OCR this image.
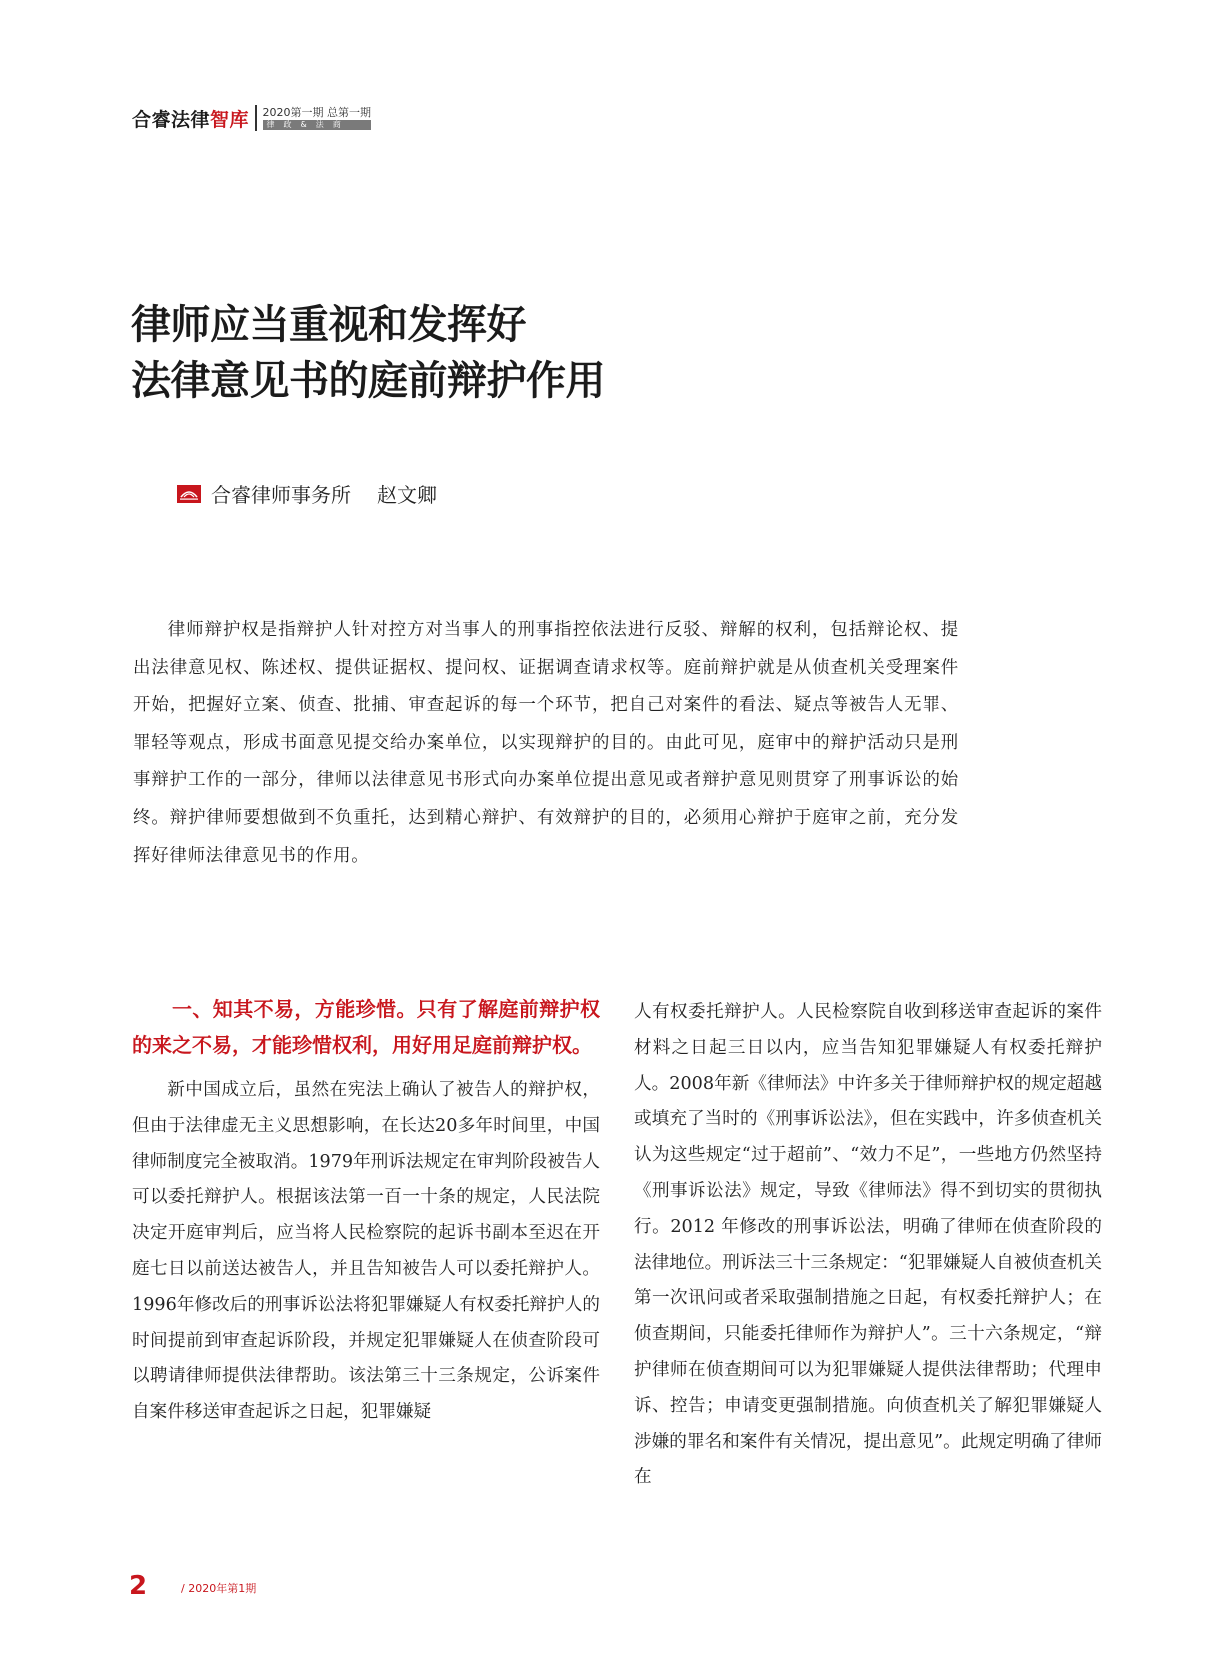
合睿法律智库 2020第一期 总第一期
律政&法商
律师应当重视和发挥好
法律意见书的庭前辩护作用
合睿律师事务所 赵文卿
律师辩护权是指辩护人针对控方对当事人的刑事指控依法进行反驳、辩解的权利，包括辩论权、提出法律意见权、陈述权、提供证据权、提问权、证据调查请求权等。庭前辩护就是从侦查机关受理案件开始，把握好立案、侦查、批捕、审查起诉的每一个环节，把自己对案件的看法、疑点等被告人无罪、罪轻等观点，形成书面意见提交给办案单位，以实现辩护的目的。由此可见，庭审中的辩护活动只是刑事辩护工作的一部分，律师以法律意见书形式向办案单位提出意见或者辩护意见则贯穿了刑事诉讼的始终。辩护律师要想做到不负重托，达到精心辩护、有效辩护的目的，必须用心辩护于庭审之前，充分发挥好律师法律意见书的作用。
一、知其不易，方能珍惜。只有了解庭前辩护权的来之不易，才能珍惜权利，用好用足庭前辩护权。
新中国成立后，虽然在宪法上确认了被告人的辩护权，但由于法律虚无主义思想影响，在长达20多年时间里，中国律师制度完全被取消。1979年刑诉法规定在审判阶段被告人可以委托辩护人。根据该法第一百一十条的规定，人民法院决定开庭审判后，应当将人民检察院的起诉书副本至迟在开庭七日以前送达被告人，并且告知被告人可以委托辩护人。1996年修改后的刑事诉讼法将犯罪嫌疑人有权委托辩护人的时间提前到审查起诉阶段，并规定犯罪嫌疑人在侦查阶段可以聘请律师提供法律帮助。该法第三十三条规定，公诉案件自案件移送审查起诉之日起，犯罪嫌疑
人有权委托辩护人。人民检察院自收到移送审查起诉的案件材料之日起三日以内，应当告知犯罪嫌疑人有权委托辩护人。2008年新《律师法》中许多关于律师辩护权的规定超越或填充了当时的《刑事诉讼法》，但在实践中，许多侦查机关认为这些规定“过于超前”、“效力不足”，一些地方仍然坚持《刑事诉讼法》规定，导致《律师法》得不到切实的贯彻执行。2012 年修改的刑事诉讼法，明确了律师在侦查阶段的法律地位。刑诉法三十三条规定：“犯罪嫌疑人自被侦查机关第一次讯问或者采取强制措施之日起，有权委托辩护人；在侦查期间，只能委托律师作为辩护人”。三十六条规定，“辩护律师在侦查期间可以为犯罪嫌疑人提供法律帮助；代理申诉、控告；申请变更强制措施。向侦查机关了解犯罪嫌疑人涉嫌的罪名和案件有关情况，提出意见”。此规定明确了律师在
2	/ 2020年第1期
